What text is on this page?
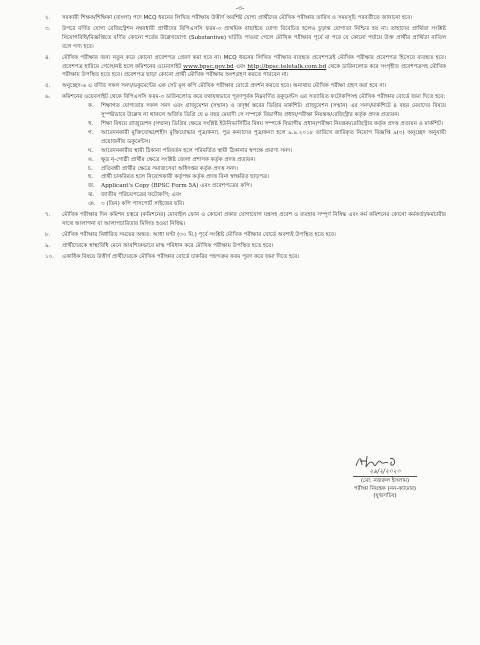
-৩-
২. সরকারী শিক্ষক/শিক্ষিকা (বাংলা) পদে MCQ ধরনের লিখিত পরীক্ষায় উত্তীর্ণ অবশিষ্ট যোগ্য প্রার্থীদের মৌখিক পরীক্ষার তারিখ ও সময়সূচি পরবর্তীতে জানানো হবে।
৩. উপরে বর্ণিত যোগ্য রেজিস্ট্রেশন নম্বরধারী প্রার্থীদের বিপিএসসি ফরম-৩ প্রাথমিক বাছাইয়ে যোগ্য বিবেচিত হলেও চূড়ান্ত যোগ্যতা নিশ্চিত হয় না। তাহাদের প্রার্থিতা সংশ্লিষ্ট নিয়োগবিধি/বিজ্ঞপ্তিতে বর্ণিত কোনো শর্তের উল্লেখযোগ্য (Substantive) ঘাটতি পাওয়া গেলে মৌখিক পরীক্ষার পূর্বে বা পরে যে কোনো পর্যায়ে উক্ত প্রার্থীর প্রার্থিতা বাতিল বলে গণ্য হবে।
৪. মৌখিক পরীক্ষার জন্য নতুন করে কোনো প্রবেশপত্র প্রেরণ করা হবে না। MCQ ধরনের লিখিত পরীক্ষার ব্যবহৃত প্রবেশপত্রই মৌখিক পরীক্ষার প্রবেশপত্র হিসেবে ব্যবহৃত হবে। প্রবেশপত্র হারিয়ে গেলে/নষ্ট হলে কমিশনের ওয়েবসাইট www.bpsc.gov.bd এবং http://bpsc.teletalk.com.bd থেকে ডাউনলোড করে সংগৃহীত প্রবেশপত্রসহ মৌখিক পরীক্ষায় উপস্থিত হতে হবে। প্রবেশপত্র ছাড়া কোনো প্রার্থী মৌখিক পরীক্ষায় অংশগ্রহণ করতে পারবেন না।
৫. অনুচ্ছেদ-৬ এ বর্ণিত সকল সনদ/ডকুমেন্টের এক সেট মূল কপি মৌখিক পরীক্ষার বোর্ডে প্রদর্শন করতে হবে। অন্যথায় মৌখিক পরীক্ষা গ্রহণ করা হবে না।
৬. কমিশনের ওয়েবসাইট থেকে বিপিএসসি ফরম-৩ ডাউনলোড করে যথাযথভাবে পূরণপূর্বক নিম্নবর্ণিত ডকুমেন্টস এর সত্যায়িত ফটোকপিসহ মৌখিক পরীক্ষার বোর্ডে জমা দিতে হবে:
ক. শিক্ষাগত যোগ্যতার সকল সনদ এবং গ্রাজুয়েশন (সম্মান) ও তদূর্ধ্ব স্তরের ডিগ্রির মার্কশিট। গ্রাজুয়েশন (সম্মান) এর সনদ/মার্কশিটে ৪ বছর মেয়াদের বিষয়ে সুস্পষ্টভাবে উল্লেখ না থাকলে অর্জিত ডিগ্রি যে ৪ বছর মেয়াদী সে সম্পর্কে বিভাগীয় প্রধান/পরীক্ষা নিয়ন্ত্রক/রেজিস্ট্রার কর্তৃক প্রদত্ত প্রত্যয়ন।
খ. শিক্ষা বিষয়ে গ্রাজুয়েশন (সম্মান) ডিগ্রির ক্ষেত্রে সংশ্লিষ্ট ইউনিভার্সিটির বিষয় সম্পর্কে বিভাগীয় প্রধান/পরীক্ষা নিয়ন্ত্রক/রেজিস্ট্রার কর্তৃক প্রদত্ত প্রত্যয়ন ও মার্কশিট।
গ. আবেদনকারী মুক্তিযোদ্ধা/শহীদ মুক্তিযোদ্ধার পুত্র/কন্যা, পুত্র কন্যাদের পুত্র/কন্যা হলে ৯.৯.২০১৮ তারিখে জারিকৃত নিয়োগ বিজ্ঞপ্তি ৯(৩) অনুচ্ছেদ অনুযায়ী প্রয়োজনীয় ডকুমেন্টস।
ঘ. আবেদনকারীর স্থায়ী ঠিকানা পরিবর্তন হলে পরিবর্তিত স্থায়ী ঠিকানার স্বপক্ষে প্রমাণ্য সনদ।
ঙ. ক্ষুদ্র নৃ-গোষ্ঠী প্রার্থীর ক্ষেত্রে সংশ্লিষ্ট জেলা প্রশাসক কর্তৃক প্রদত্ত প্রত্যয়ন।
চ. প্রতিবন্ধী প্রার্থীর ক্ষেত্রে সমাজসেবা অধিদপ্তর কর্তৃক প্রদত্ত সনদ।
ছ. প্রার্থী চাকরিরত হলে নিয়োগকারী কর্তৃপক্ষ কর্তৃক প্রদত্ত বিনা স্বাক্ষরিত ছাড়পত্র।
জ. Applicant's Copy (BPSC Form 5A) এবং প্রবেশপত্রের কপি।
ঝ. জাতীয় পরিচয়পত্রের ফটোকপি; এবং
ঞ. ৩ (তিন) কপি পাসপোর্ট সাইজের ছবি।
৭. মৌখিক পরীক্ষার দিন কমিশন চত্বরে (কমিশনের) মোবাইল ফোন ও কোনো প্রকার যোগাযোগ যন্ত্রসহ প্রবেশ ও ব্যবহার সম্পূর্ণ নিষিদ্ধ এবং কর্ম কমিশনের কোনো কর্মকর্তা/কর্মচারীর সাথে আলাপনা বা আলাপচারিতার মিলিত হওয়া নিষিদ্ধ।
৮. মৌখিক পরীক্ষার নির্ধারিত সময়ের অন্তত: আধা ঘণ্টা (৩০ মি.) পূর্বে সংশ্লিষ্ট মৌখিক পরীক্ষার বোর্ডে অবশ্যই উপস্থিত হতে হবে।
৯. প্রার্থীদেরকে স্বাস্থ্যবিধি মেনে আবশ্যিকভাবে মাস্ক পরিধান করে মৌখিক পরীক্ষায় উপস্থিত হতে হবে।
১০. একাধিক বিষয়ে উত্তীর্ণ প্রার্থীদেরকে মৌখিক পরীক্ষার বোর্ডে চাকরির পছন্দক্রম ফরম পূরণ করে জমা দিতে হবে।
২৯/২/২০২০
(মো: নজরুল ইসলাম)
পরীক্ষা নিয়ন্ত্রক (নন-ক্যাডার)
(যুগ্মসচিব)
